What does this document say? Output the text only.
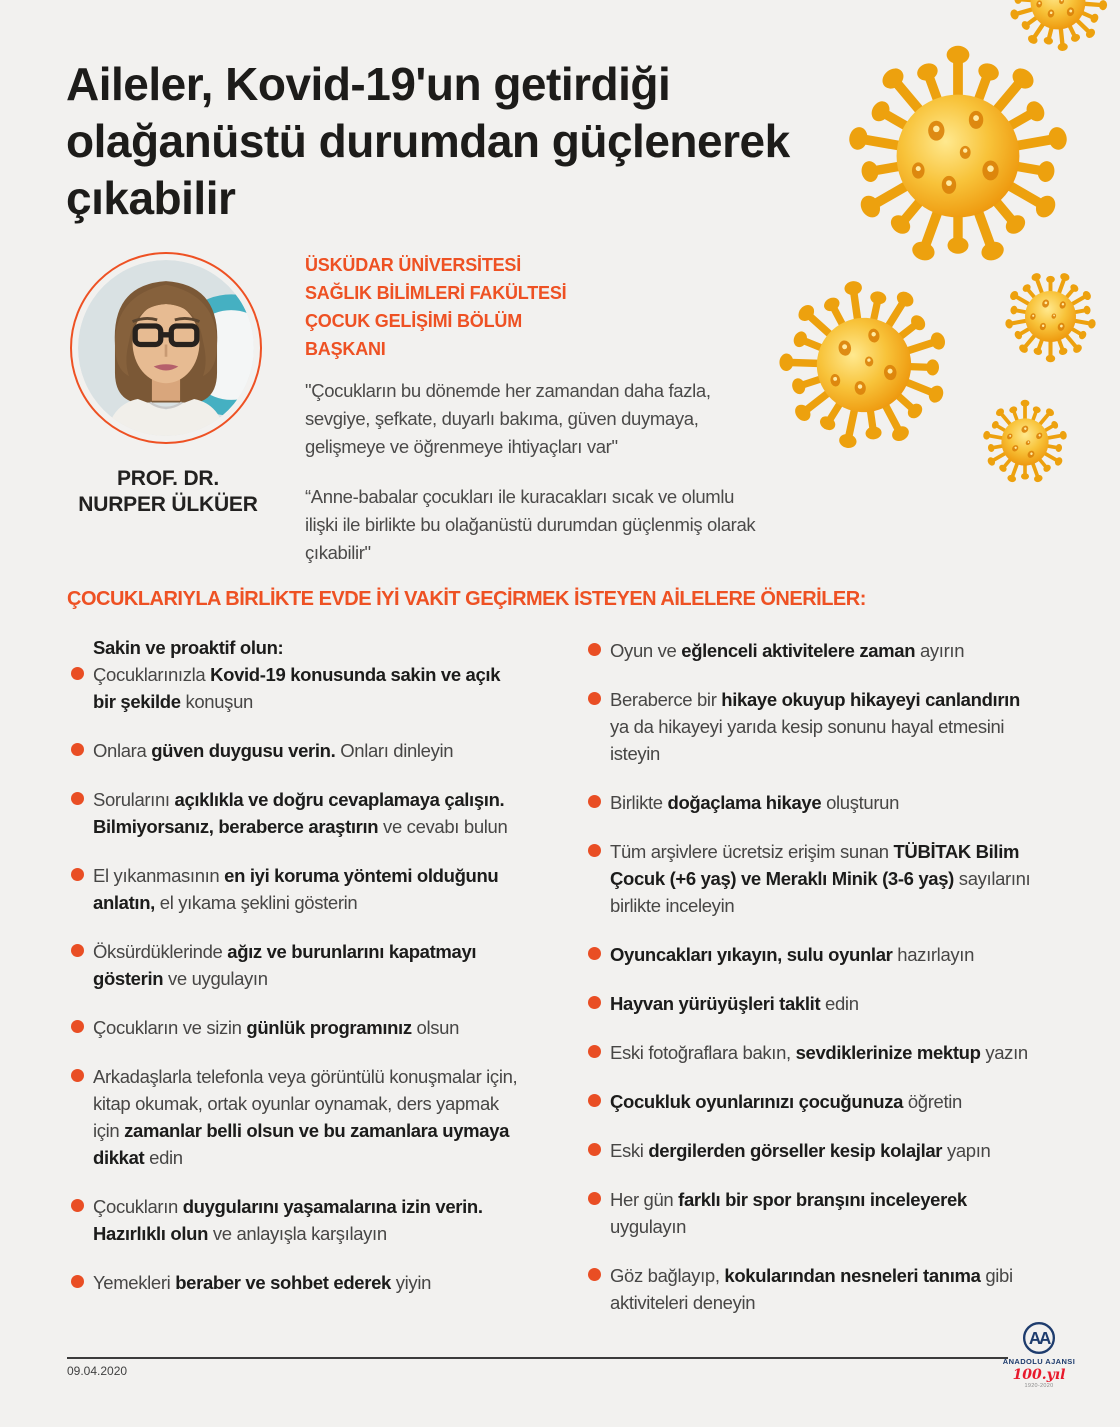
Aileler, Kovid-19'un getirdiği
olağanüstü durumdan güçlenerek
çıkabilir
PROF. DR.
NURPER ÜLKÜER

ÜSKÜDAR ÜNİVERSİTESİ
SAĞLIK BİLİMLERİ FAKÜLTESİ
ÇOCUK GELİŞİMİ BÖLÜM
BAŞKANI

"Çocukların bu dönemde her zamandan daha fazla, sevgiye, şefkate, duyarlı bakıma, güven duymaya, gelişmeye ve öğrenmeye ihtiyaçları var"

“Anne-babalar çocukları ile kuracakları sıcak ve olumlu ilişki ile birlikte bu olağanüstü durumdan güçlenmiş olarak çıkabilir"

ÇOCUKLARIYLA BİRLİKTE EVDE İYİ VAKİT GEÇİRMEK İSTEYEN AİLELERE ÖNERİLER:

Sakin ve proaktif olun:

Çocuklarınızla Kovid-19 konusunda sakin ve açık bir şekilde konuşun

Onlara güven duygusu verin. Onları dinleyin

Sorularını açıklıkla ve doğru cevaplamaya çalışın. Bilmiyorsanız, beraberce araştırın ve cevabı bulun

El yıkanmasının en iyi koruma yöntemi olduğunu anlatın, el yıkama şeklini gösterin

Öksürdüklerinde ağız ve burunlarını kapatmayı gösterin ve uygulayın

Çocukların ve sizin günlük programınız olsun

Arkadaşlarla telefonla veya görüntülü konuşmalar için, kitap okumak, ortak oyunlar oynamak, ders yapmak için zamanlar belli olsun ve bu zamanlara uymaya dikkat edin

Çocukların duygularını yaşamalarına izin verin. Hazırlıklı olun ve anlayışla karşılayın

Yemekleri beraber ve sohbet ederek yiyin

Oyun ve eğlenceli aktivitelere zaman ayırın

Beraberce bir hikaye okuyup hikayeyi canlandırın ya da hikayeyi yarıda kesip sonunu hayal etmesini isteyin

Birlikte doğaçlama hikaye oluşturun

Tüm arşivlere ücretsiz erişim sunan TÜBİTAK Bilim Çocuk (+6 yaş) ve Meraklı Minik (3-6 yaş) sayılarını birlikte inceleyin

Oyuncakları yıkayın, sulu oyunlar hazırlayın

Hayvan yürüyüşleri taklit edin

Eski fotoğraflara bakın, sevdiklerinize mektup yazın

Çocukluk oyunlarınızı çocuğunuza öğretin

Eski dergilerden görseller kesip kolajlar yapın

Her gün farklı bir spor branşını inceleyerek uygulayın

Göz bağlayıp, kokularından nesneleri tanıma gibi aktiviteleri deneyin

09.04.2020
AA
ANADOLU AJANSI
100.yıl
1920-2020
